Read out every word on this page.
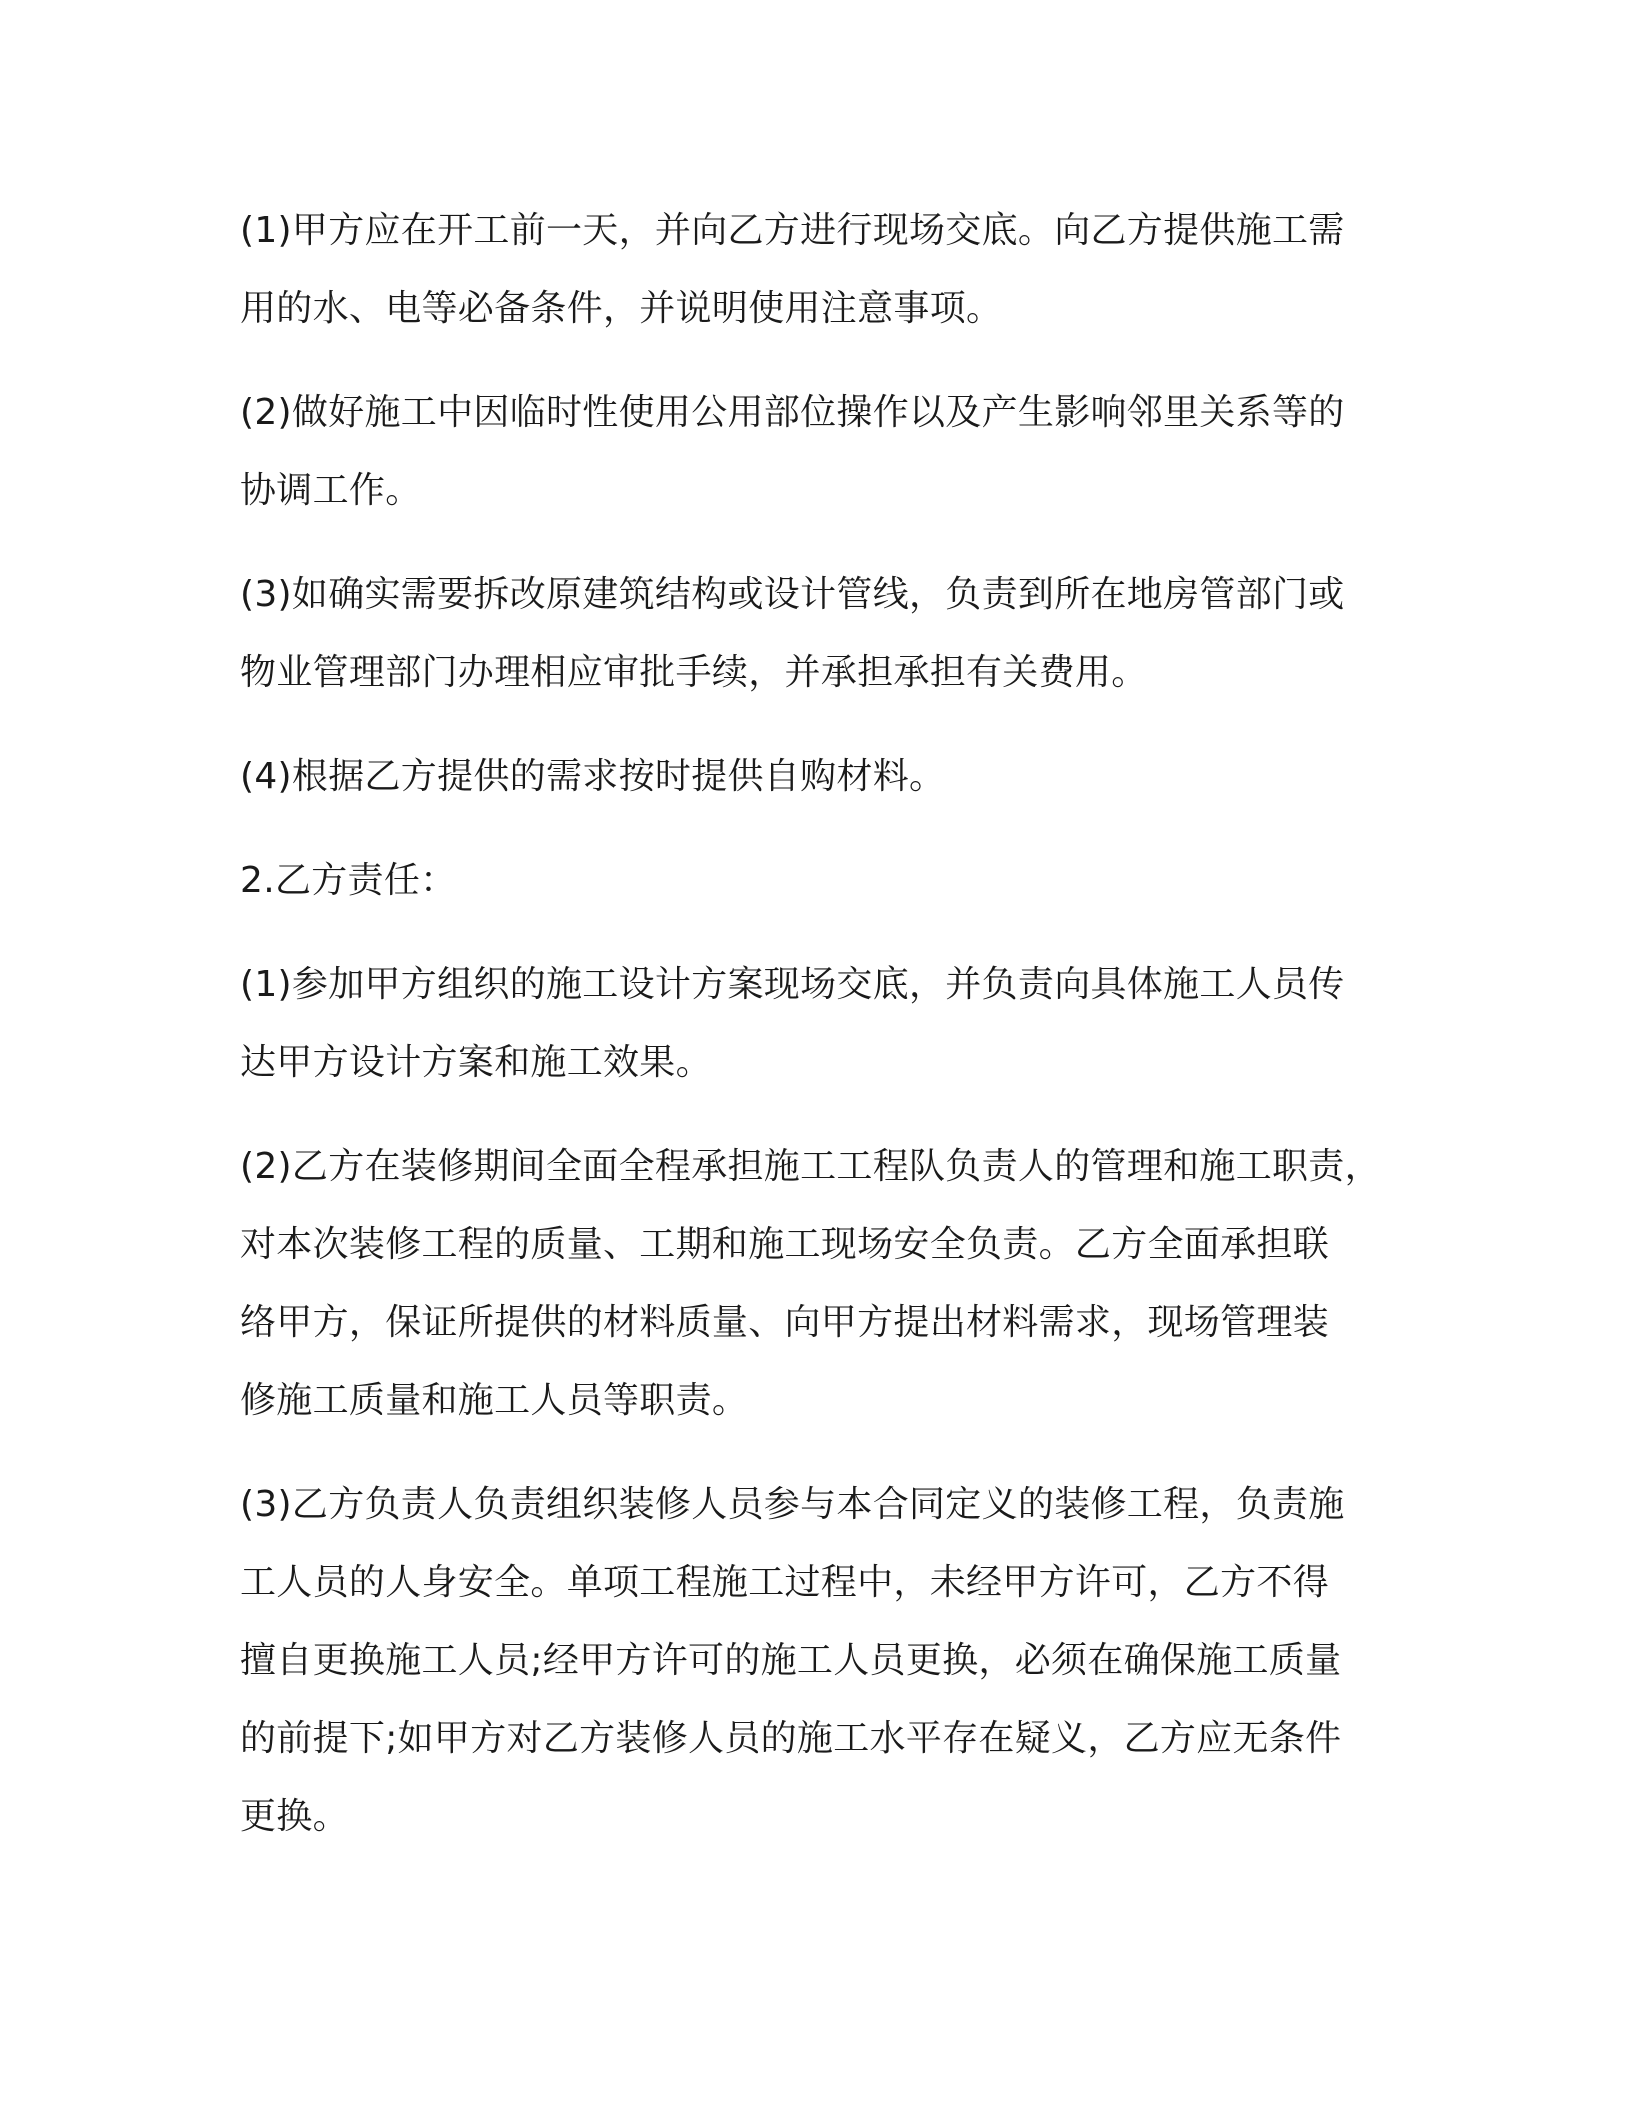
(1)甲方应在开工前一天，并向乙方进行现场交底。向乙方提供施工需
用的水、电等必备条件，并说明使用注意事项。

(2)做好施工中因临时性使用公用部位操作以及产生影响邻里关系等的
协调工作。

(3)如确实需要拆改原建筑结构或设计管线，负责到所在地房管部门或
物业管理部门办理相应审批手续，并承担承担有关费用。

(4)根据乙方提供的需求按时提供自购材料。

2.乙方责任：

(1)参加甲方组织的施工设计方案现场交底，并负责向具体施工人员传
达甲方设计方案和施工效果。

(2)乙方在装修期间全面全程承担施工工程队负责人的管理和施工职责，
对本次装修工程的质量、工期和施工现场安全负责。乙方全面承担联
络甲方，保证所提供的材料质量、向甲方提出材料需求，现场管理装
修施工质量和施工人员等职责。

(3)乙方负责人负责组织装修人员参与本合同定义的装修工程，负责施
工人员的人身安全。单项工程施工过程中，未经甲方许可，乙方不得
擅自更换施工人员;经甲方许可的施工人员更换，必须在确保施工质量
的前提下;如甲方对乙方装修人员的施工水平存在疑义，乙方应无条件
更换。
